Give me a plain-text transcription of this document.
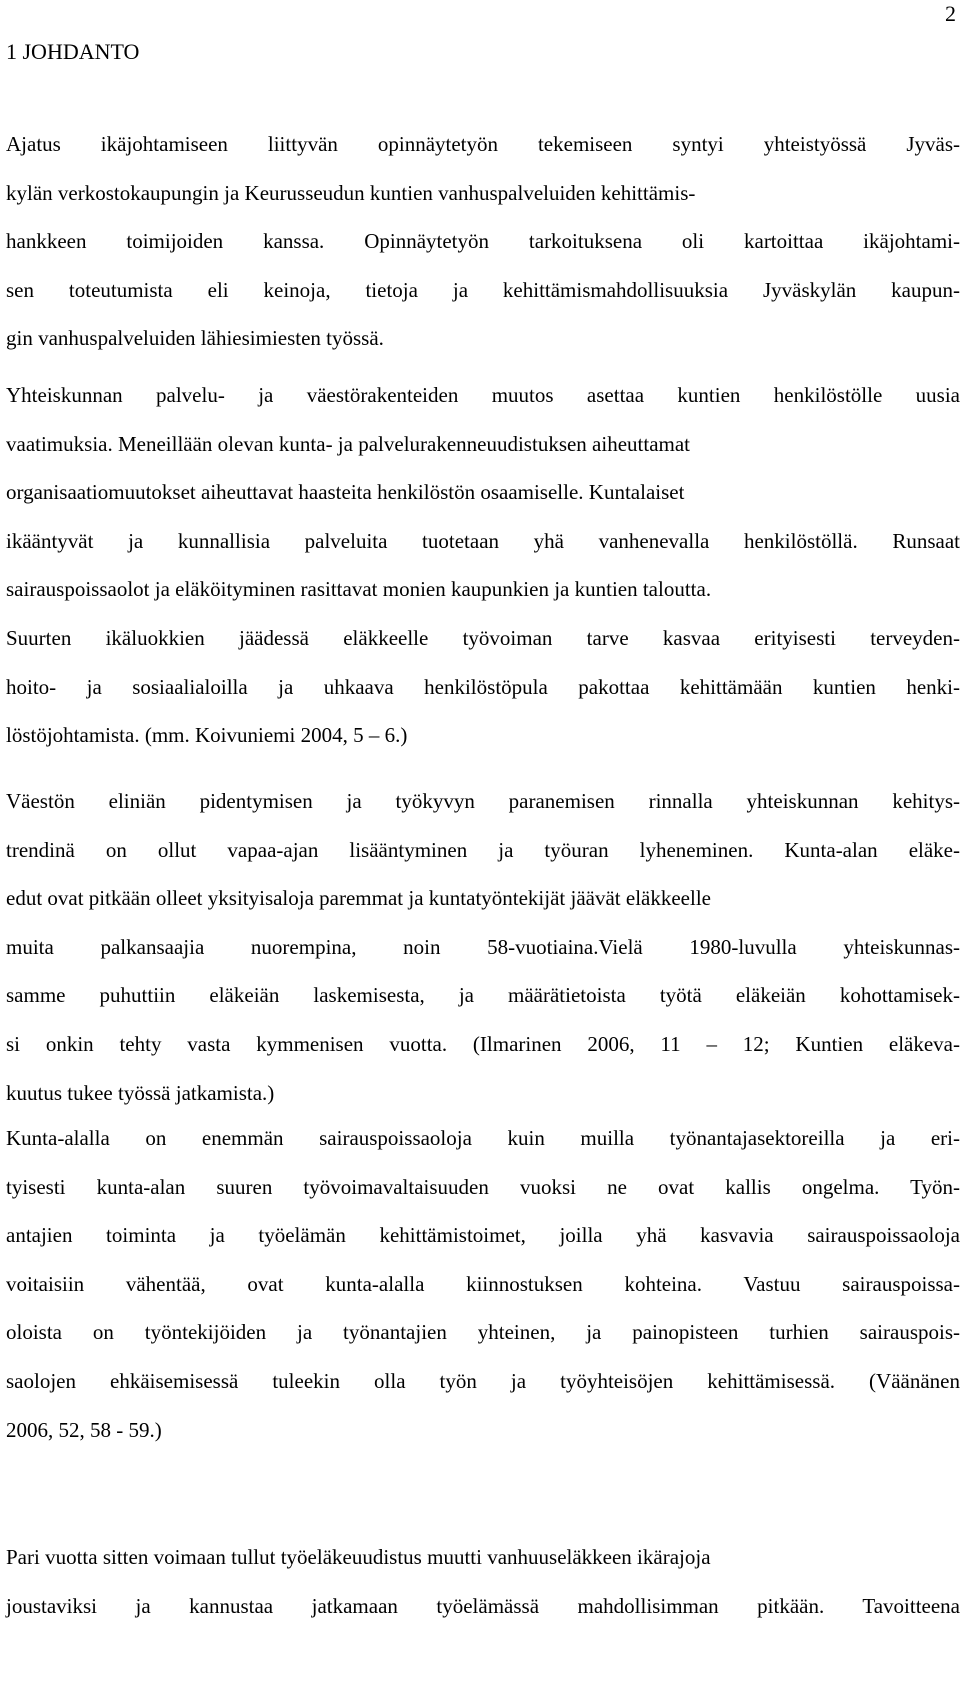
2
1 JOHDANTO
Ajatus ikäjohtamiseen liittyvän opinnäytetyön tekemiseen syntyi yhteistyössä Jyväs-
kylän verkostokaupungin ja Keurusseudun kuntien vanhuspalveluiden kehittämis-
hankkeen toimijoiden kanssa. Opinnäytetyön tarkoituksena oli kartoittaa ikäjohtami-
sen toteutumista eli keinoja, tietoja ja kehittämismahdollisuuksia Jyväskylän kaupun-
gin vanhuspalveluiden lähiesimiesten työssä.
Yhteiskunnan palvelu- ja väestörakenteiden muutos asettaa kuntien henkilöstölle uusia
vaatimuksia. Meneillään olevan kunta- ja palvelurakenneuudistuksen aiheuttamat
organisaatiomuutokset aiheuttavat haasteita henkilöstön osaamiselle. Kuntalaiset
ikääntyvät ja kunnallisia palveluita tuotetaan yhä vanhenevalla henkilöstöllä. Runsaat
sairauspoissaolot ja eläköityminen rasittavat monien kaupunkien ja kuntien taloutta.
Suurten ikäluokkien jäädessä eläkkeelle työvoiman tarve kasvaa erityisesti terveyden-
hoito- ja sosiaalialoilla ja uhkaava henkilöstöpula pakottaa kehittämään kuntien henki-
löstöjohtamista. (mm. Koivuniemi 2004, 5 – 6.)
Väestön eliniän pidentymisen ja työkyvyn paranemisen rinnalla yhteiskunnan kehitys-
trendinä on ollut vapaa-ajan lisääntyminen ja työuran lyheneminen. Kunta-alan eläke-
edut ovat pitkään olleet yksityisaloja paremmat ja kuntatyöntekijät jäävät eläkkeelle
muita palkansaajia nuorempina, noin 58-vuotiaina.Vielä 1980-luvulla yhteiskunnas-
samme puhuttiin eläkeiän laskemisesta, ja määrätietoista työtä eläkeiän kohottamisek-
si onkin tehty vasta kymmenisen vuotta. (Ilmarinen 2006, 11 – 12; Kuntien eläkeva-
kuutus tukee työssä jatkamista.)
Kunta-alalla on enemmän sairauspoissaoloja kuin muilla työnantajasektoreilla ja eri-
tyisesti kunta-alan suuren työvoimavaltaisuuden vuoksi ne ovat kallis ongelma. Työn-
antajien toiminta ja työelämän kehittämistoimet, joilla yhä kasvavia sairauspoissaoloja
voitaisiin vähentää, ovat kunta-alalla kiinnostuksen kohteina. Vastuu sairauspoissa-
oloista on työntekijöiden ja työnantajien yhteinen, ja painopisteen turhien sairauspois-
saolojen ehkäisemisessä tuleekin olla työn ja työyhteisöjen kehittämisessä. (Väänänen
2006, 52, 58 - 59.)
Pari vuotta sitten voimaan tullut työeläkeuudistus muutti vanhuuseläkkeen ikärajoja
joustaviksi ja kannustaa jatkamaan työelämässä mahdollisimman pitkään. Tavoitteena
